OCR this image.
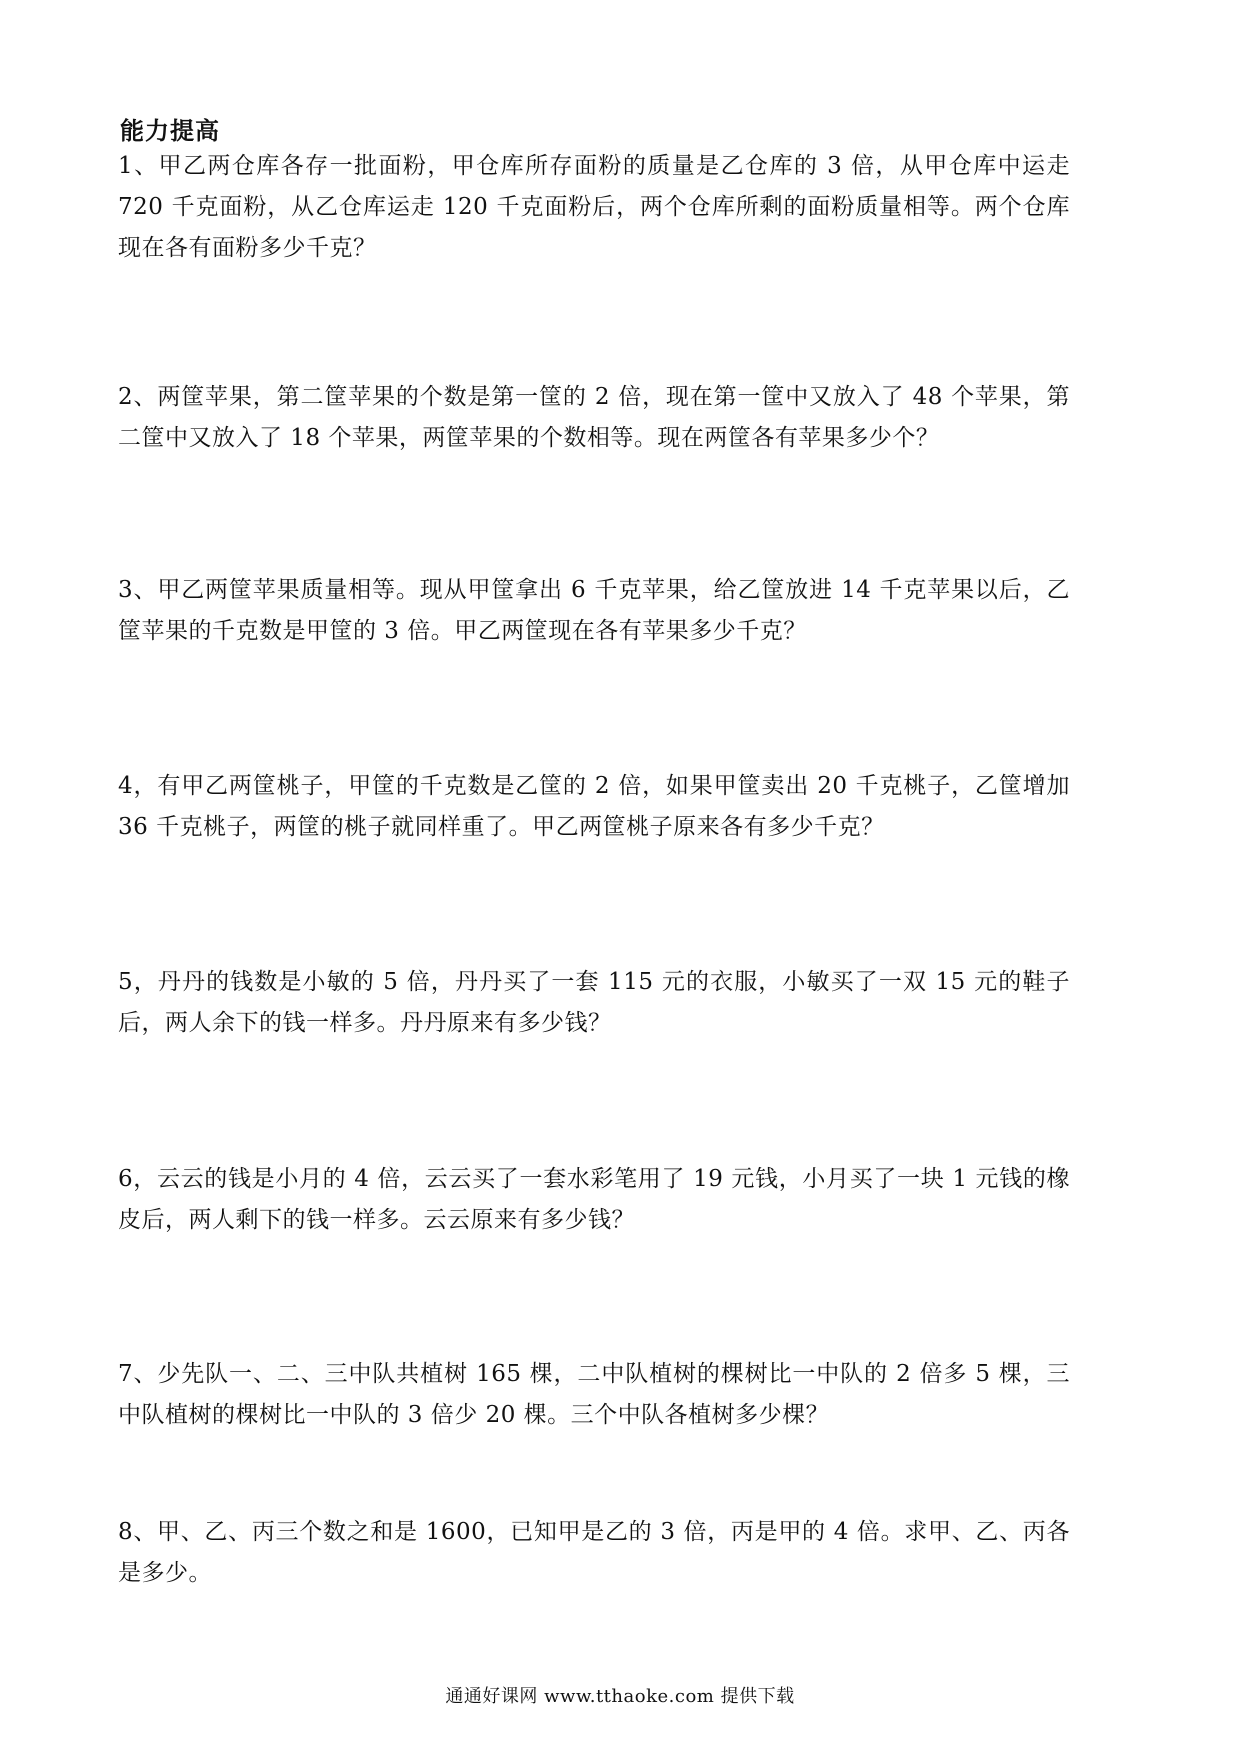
能力提高

1、甲乙两仓库各存一批面粉，甲仓库所存面粉的质量是乙仓库的 3 倍，从甲仓库中运走 720 千克面粉，从乙仓库运走 120 千克面粉后，两个仓库所剩的面粉质量相等。两个仓库现在各有面粉多少千克？

2、两筐苹果，第二筐苹果的个数是第一筐的 2 倍，现在第一筐中又放入了 48 个苹果，第二筐中又放入了 18 个苹果，两筐苹果的个数相等。现在两筐各有苹果多少个？

3、甲乙两筐苹果质量相等。现从甲筐拿出 6 千克苹果，给乙筐放进 14 千克苹果以后，乙筐苹果的千克数是甲筐的 3 倍。甲乙两筐现在各有苹果多少千克？

4，有甲乙两筐桃子，甲筐的千克数是乙筐的 2 倍，如果甲筐卖出 20 千克桃子，乙筐增加 36 千克桃子，两筐的桃子就同样重了。甲乙两筐桃子原来各有多少千克？

5，丹丹的钱数是小敏的 5 倍，丹丹买了一套 115 元的衣服，小敏买了一双 15 元的鞋子后，两人余下的钱一样多。丹丹原来有多少钱？

6，云云的钱是小月的 4 倍，云云买了一套水彩笔用了 19 元钱，小月买了一块 1 元钱的橡皮后，两人剩下的钱一样多。云云原来有多少钱？

7、少先队一、二、三中队共植树 165 棵，二中队植树的棵树比一中队的 2 倍多 5 棵，三中队植树的棵树比一中队的 3 倍少 20 棵。三个中队各植树多少棵？

8、甲、乙、丙三个数之和是 1600，已知甲是乙的 3 倍，丙是甲的 4 倍。求甲、乙、丙各是多少。

通通好课网 www.tthaoke.com 提供下载
